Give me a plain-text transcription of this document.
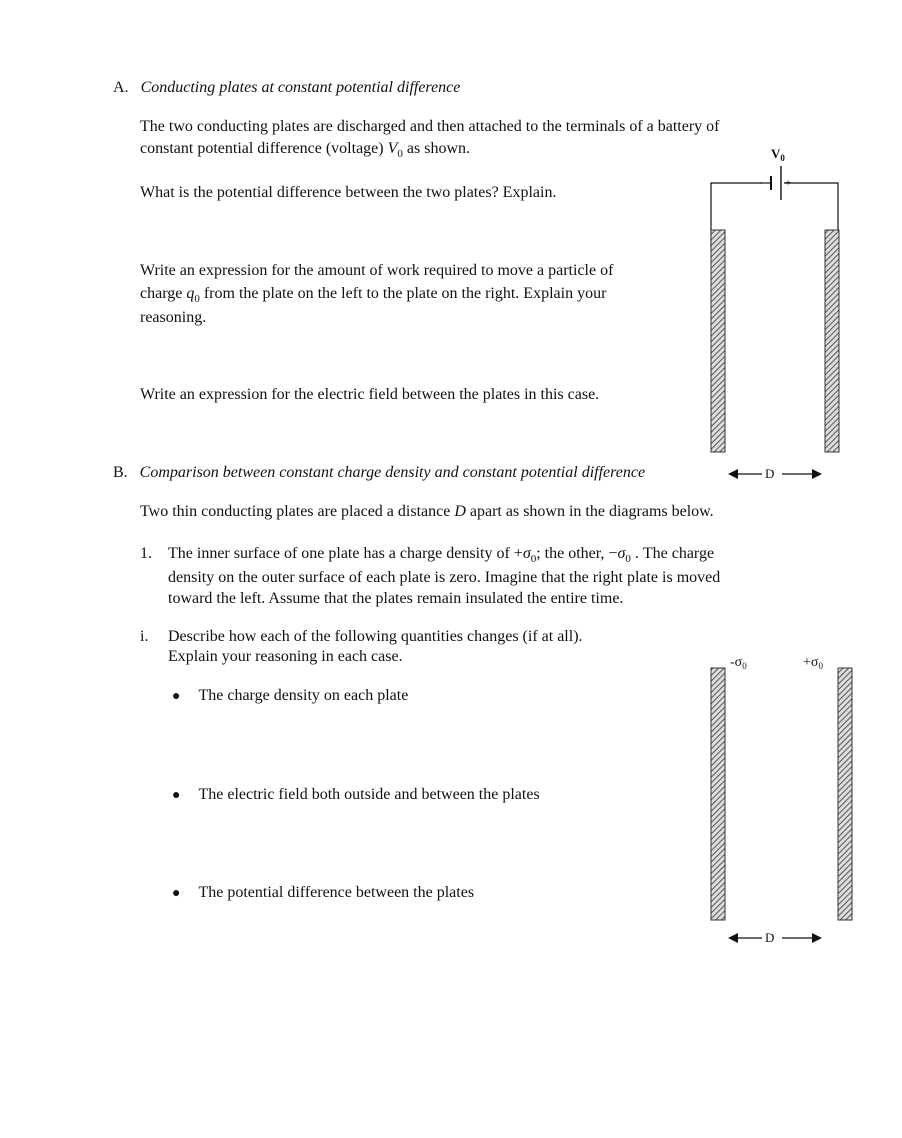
A. Conducting plates at constant potential difference
The two conducting plates are discharged and then attached to the terminals of a battery of
constant potential difference (voltage) $V_0$ as shown.
What is the potential difference between the two plates? Explain.
Write an expression for the amount of work required to move a particle of
charge $q_0$ from the plate on the left to the plate on the right. Explain your
reasoning.
Write an expression for the electric field between the plates in this case.
$V_0$
+
D
B. Comparison between constant charge density and constant potential difference
Two thin conducting plates are placed a distance D apart as shown in the diagrams below.
1. The inner surface of one plate has a charge density of $+\sigma_0$; the other, $-\sigma_0$ . The charge
density on the outer surface of each plate is zero. Imagine that the right plate is moved
toward the left. Assume that the plates remain insulated the entire time.
i. Describe how each of the following quantities changes (if at all).
Explain your reasoning in each case.
● The charge density on each plate
● The electric field both outside and between the plates
● The potential difference between the plates
$-\sigma_0$	$+\sigma_0$
D
